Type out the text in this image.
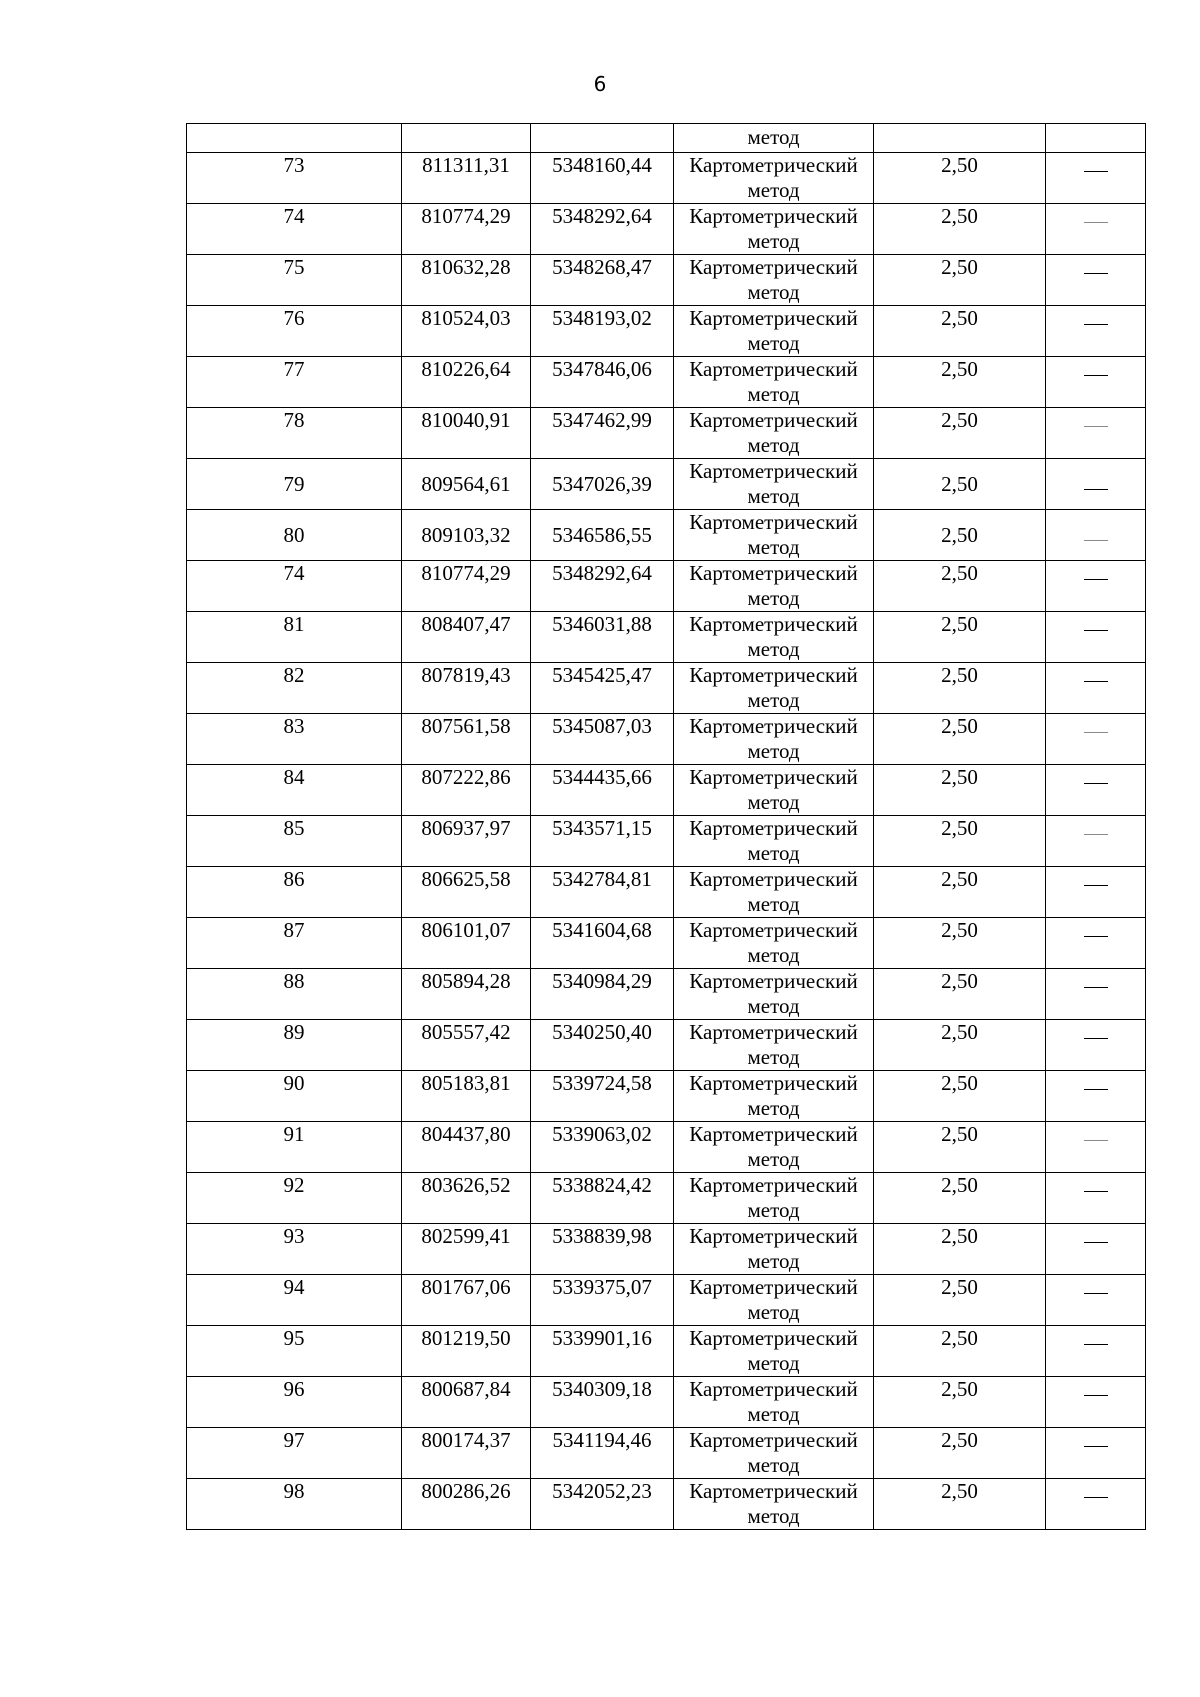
6
			метод		
73	811311,31	5348160,44	Картометрический метод	2,50	
74	810774,29	5348292,64	Картометрический метод	2,50	
75	810632,28	5348268,47	Картометрический метод	2,50	
76	810524,03	5348193,02	Картометрический метод	2,50	
77	810226,64	5347846,06	Картометрический метод	2,50	
78	810040,91	5347462,99	Картометрический метод	2,50	
79	809564,61	5347026,39	Картометрический метод	2,50	
80	809103,32	5346586,55	Картометрический метод	2,50	
74	810774,29	5348292,64	Картометрический метод	2,50	
81	808407,47	5346031,88	Картометрический метод	2,50	
82	807819,43	5345425,47	Картометрический метод	2,50	
83	807561,58	5345087,03	Картометрический метод	2,50	
84	807222,86	5344435,66	Картометрический метод	2,50	
85	806937,97	5343571,15	Картометрический метод	2,50	
86	806625,58	5342784,81	Картометрический метод	2,50	
87	806101,07	5341604,68	Картометрический метод	2,50	
88	805894,28	5340984,29	Картометрический метод	2,50	
89	805557,42	5340250,40	Картометрический метод	2,50	
90	805183,81	5339724,58	Картометрический метод	2,50	
91	804437,80	5339063,02	Картометрический метод	2,50	
92	803626,52	5338824,42	Картометрический метод	2,50	
93	802599,41	5338839,98	Картометрический метод	2,50	
94	801767,06	5339375,07	Картометрический метод	2,50	
95	801219,50	5339901,16	Картометрический метод	2,50	
96	800687,84	5340309,18	Картометрический метод	2,50	
97	800174,37	5341194,46	Картометрический метод	2,50	
98	800286,26	5342052,23	Картометрический метод	2,50	
